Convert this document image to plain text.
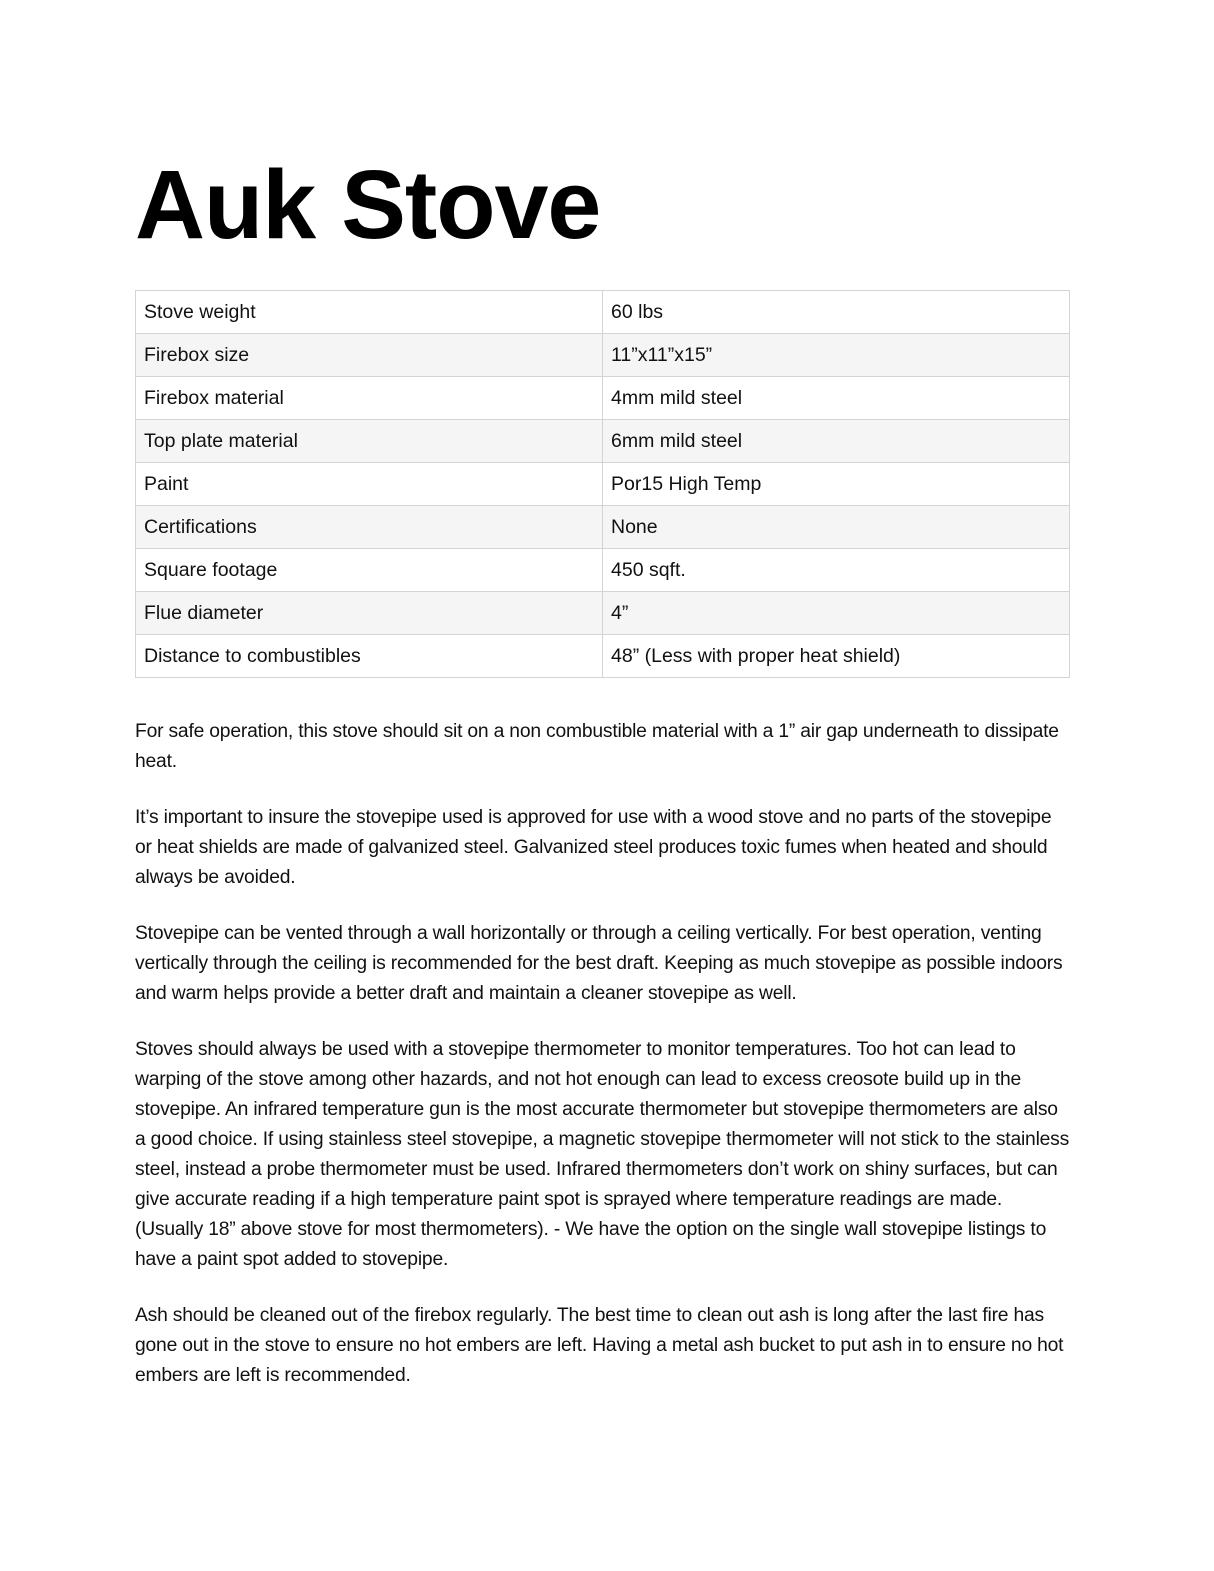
Auk Stove
Stove weight	60 lbs
Firebox size	11”x11”x15”
Firebox material	4mm mild steel
Top plate material	6mm mild steel
Paint	Por15 High Temp
Certifications	None
Square footage	450 sqft.
Flue diameter	4”
Distance to combustibles	48” (Less with proper heat shield)

For safe operation, this stove should sit on a non combustible material with a 1” air gap underneath to dissipate heat.

It’s important to insure the stovepipe used is approved for use with a wood stove and no parts of the stovepipe or heat shields are made of galvanized steel. Galvanized steel produces toxic fumes when heated and should always be avoided.

Stovepipe can be vented through a wall horizontally or through a ceiling vertically. For best operation, venting vertically through the ceiling is recommended for the best draft. Keeping as much stovepipe as possible indoors and warm helps provide a better draft and maintain a cleaner stovepipe as well.

Stoves should always be used with a stovepipe thermometer to monitor temperatures. Too hot can lead to warping of the stove among other hazards, and not hot enough can lead to excess creosote build up in the stovepipe. An infrared temperature gun is the most accurate thermometer but stovepipe thermometers are also a good choice. If using stainless steel stovepipe, a magnetic stovepipe thermometer will not stick to the stainless steel, instead a probe thermometer must be used. Infrared thermometers don’t work on shiny surfaces, but can give accurate reading if a high temperature paint spot is sprayed where temperature readings are made. (Usually 18” above stove for most thermometers). - We have the option on the single wall stovepipe listings to have a paint spot added to stovepipe.

Ash should be cleaned out of the firebox regularly. The best time to clean out ash is long after the last fire has gone out in the stove to ensure no hot embers are left. Having a metal ash bucket to put ash in to ensure no hot embers are left is recommended.
